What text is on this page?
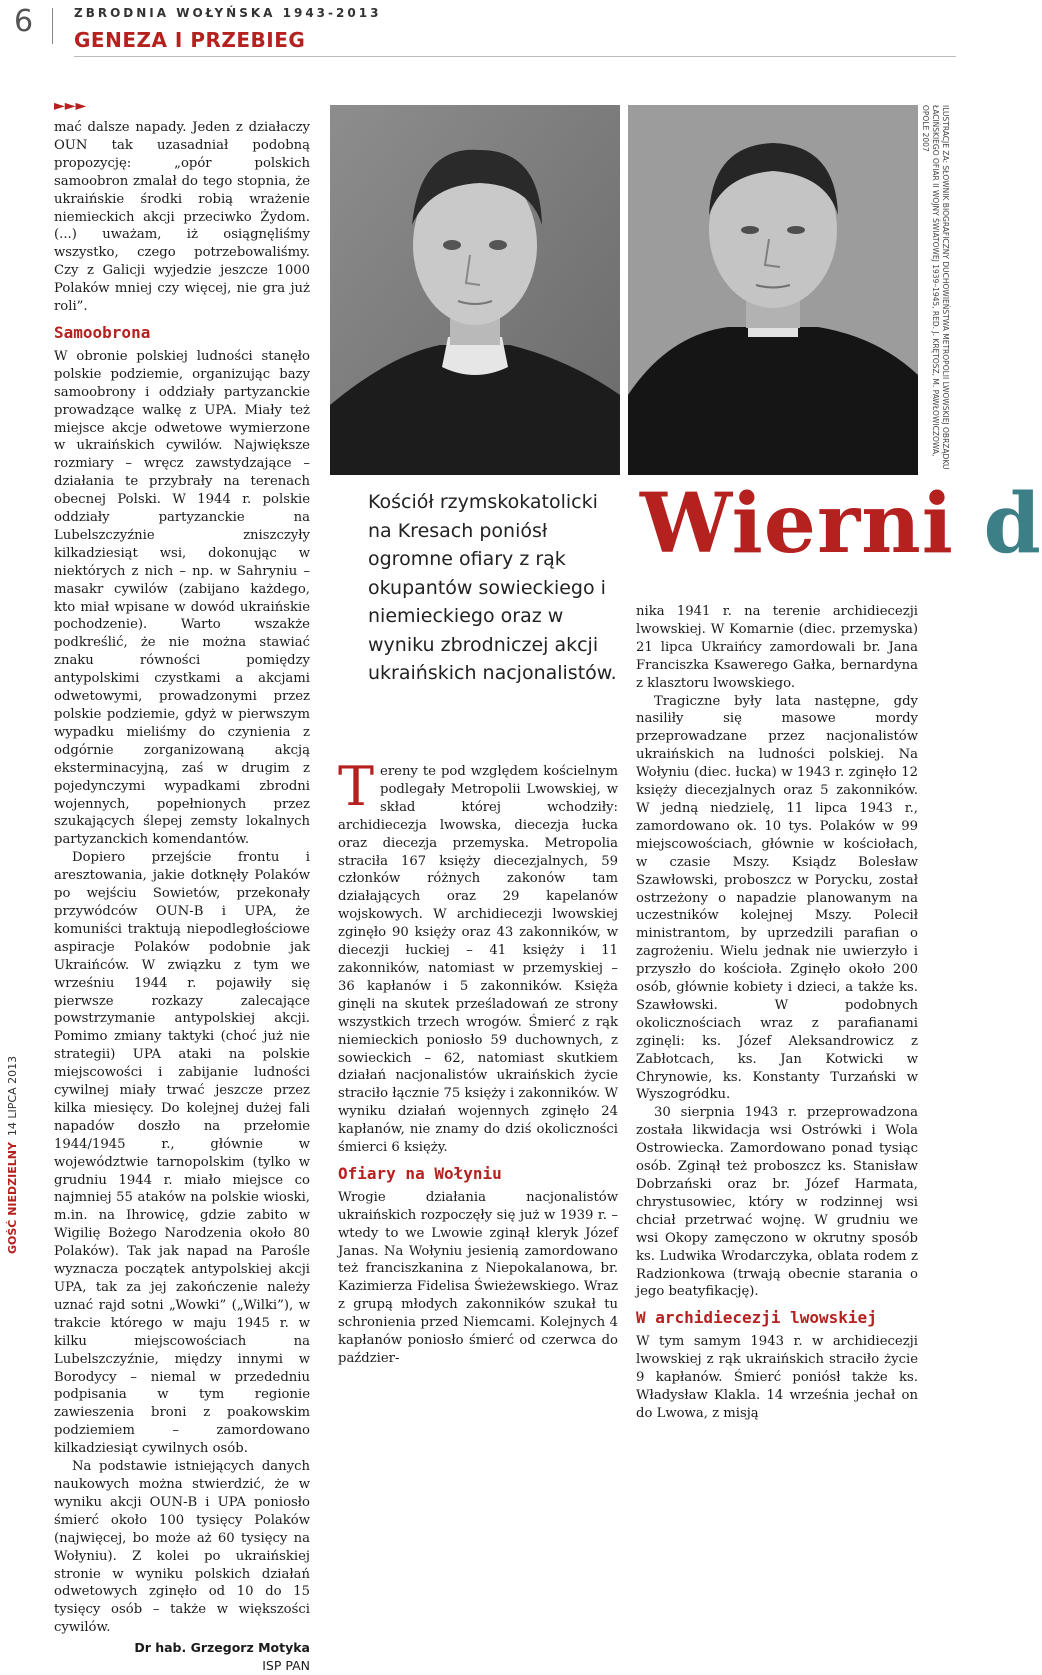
6	ZBRODNIA WOŁYŃSKA 1943-2013
GENEZA I PRZEBIEG
GOŚĆ NIEDZIELNY14 LIPCA 2013
►►►

mać dalsze napady. Jeden z działaczy OUN tak uzasadniał podobną propozycję: „opór polskich samoobron zmalał do tego stopnia, że ukraińskie środki robią wrażenie niemieckich akcji przeciwko Żydom. (...) uważam, iż osiągnęliśmy wszystko, czego potrzebowaliśmy. Czy z Galicji wyjedzie jeszcze 1000 Polaków mniej czy więcej, nie gra już roli”.

Samoobrona

W obronie polskiej ludności stanęło polskie podziemie, organizując bazy samoobrony i oddziały partyzanckie prowadzące walkę z UPA. Miały też miejsce akcje odwetowe wymierzone w ukraińskich cywilów. Największe rozmiary – wręcz zawstydzające – działania te przybrały na terenach obecnej Polski. W 1944 r. polskie oddziały partyzanckie na Lubelszczyźnie zniszczyły kilkadziesiąt wsi, dokonując w niektórych z nich – np. w Sahryniu – masakr cywilów (zabijano każdego, kto miał wpisane w dowód ukraińskie pochodzenie). Warto wszakże podkreślić, że nie można stawiać znaku równości pomiędzy antypolskimi czystkami a akcjami odwetowymi, prowadzonymi przez polskie podziemie, gdyż w pierwszym wypadku mieliśmy do czynienia z odgórnie zorganizowaną akcją eksterminacyjną, zaś w drugim z pojedynczymi wypadkami zbrodni wojennych, popełnionych przez szukających ślepej zemsty lokalnych partyzanckich komendantów.

Dopiero przejście frontu i aresztowania, jakie dotknęły Polaków po wejściu Sowietów, przekonały przywódców OUN-B i UPA, że komuniści traktują niepodległościowe aspiracje Polaków podobnie jak Ukraińców. W związku z tym we wrześniu 1944 r. pojawiły się pierwsze rozkazy zalecające powstrzymanie antypolskiej akcji. Pomimo zmiany taktyki (choć już nie strategii) UPA ataki na polskie miejscowości i zabijanie ludności cywilnej miały trwać jeszcze przez kilka miesięcy. Do kolejnej dużej fali napadów doszło na przełomie 1944/1945 r., głównie w województwie tarnopolskim (tylko w grudniu 1944 r. miało miejsce co najmniej 55 ataków na polskie wioski, m.in. na Ihrowicę, gdzie zabito w Wigilię Bożego Narodzenia około 80 Polaków). Tak jak napad na Parośle wyznacza początek antypolskiej akcji UPA, tak za jej zakończenie należy uznać rajd sotni „Wowki” („Wilki”), w trakcie którego w maju 1945 r. w kilku miejscowościach na Lubelszczyźnie, między innymi w Borodycy – niemal w przededniu podpisania w tym regionie zawieszenia broni z poakowskim podziemiem – zamordowano kilkadziesiąt cywilnych osób.

Na podstawie istniejących danych naukowych można stwierdzić, że w wyniku akcji OUN-B i UPA poniosło śmierć około 100 tysięcy Polaków (najwięcej, bo może aż 60 tysięcy na Wołyniu). Z kolei po ukraińskiej stronie w wyniku polskich działań odwetowych zginęło od 10 do 15 tysięcy osób – także w większości cywilów.

Dr hab. Grzegorz Motyka
ISP PAN
ILUSTRACJE ZA: SŁOWNIK BIOGRAFICZNY DUCHOWIEŃSTWA METROPOLII LWOWSKIEJ OBRZĄDKU ŁACIŃSKIEGO OFIAR II WOJNY ŚWIATOWEJ 1939–1945, RED. J. KRĘTOSZ, M. PAWŁOWICZOWA, OPOLE 2007
Kościół rzymskokatolicki na Kresach poniósł ogromne ofiary z rąk okupantów sowieckiego i niemieckiego oraz w wyniku zbrodniczej akcji ukraińskich nacjonalistów.
Wierni d

Tereny te pod względem kościelnym podlegały Metropolii Lwowskiej, w skład której wchodziły: archidiecezja lwowska, diecezja łucka oraz diecezja przemyska. Metropolia straciła 167 księży diecezjalnych, 59 członków różnych zakonów tam działających oraz 29 kapelanów wojskowych. W archidiecezji lwowskiej zginęło 90 księży oraz 43 zakonników, w diecezji łuckiej – 41 księży i 11 zakonników, natomiast w przemyskiej – 36 kapłanów i 5 zakonników. Księża ginęli na skutek prześladowań ze strony wszystkich trzech wrogów. Śmierć z rąk niemieckich poniosło 59 duchownych, z sowieckich – 62, natomiast skutkiem działań nacjonalistów ukraińskich życie straciło łącznie 75 księży i zakonników. W wyniku działań wojennych zginęło 24 kapłanów, nie znamy do dziś okoliczności śmierci 6 księży.

Ofiary na Wołyniu

Wrogie działania nacjonalistów ukraińskich rozpoczęły się już w 1939 r. – wtedy to we Lwowie zginął kleryk Józef Janas. Na Wołyniu jesienią zamordowano też franciszkanina z Niepokalanowa, br. Kazimierza Fidelisa Świeżewskiego. Wraz z grupą młodych zakonników szukał tu schronienia przed Niemcami. Kolejnych 4 kapłanów poniosło śmierć od czerwca do paździer-

nika 1941 r. na terenie archidiecezji lwowskiej. W Komarnie (diec. przemyska) 21 lipca Ukraińcy zamordowali br. Jana Franciszka Ksawerego Gałka, bernardyna z klasztoru lwowskiego.

Tragiczne były lata następne, gdy nasiliły się masowe mordy przeprowadzane przez nacjonalistów ukraińskich na ludności polskiej. Na Wołyniu (diec. łucka) w 1943 r. zginęło 12 księży diecezjalnych oraz 5 zakonników. W jedną niedzielę, 11 lipca 1943 r., zamordowano ok. 10 tys. Polaków w 99 miejscowościach, głównie w kościołach, w czasie Mszy. Ksiądz Bolesław Szawłowski, proboszcz w Porycku, został ostrzeżony o napadzie planowanym na uczestników kolejnej Mszy. Polecił ministrantom, by uprzedzili parafian o zagrożeniu. Wielu jednak nie uwierzyło i przyszło do kościoła. Zginęło około 200 osób, głównie kobiety i dzieci, a także ks. Szawłowski. W podobnych okolicznościach wraz z parafianami zginęli: ks. Józef Aleksandrowicz z Zabłotcach, ks. Jan Kotwicki w Chrynowie, ks. Konstanty Turzański w Wyszogródku.

30 sierpnia 1943 r. przeprowadzona została likwidacja wsi Ostrówki i Wola Ostrowiecka. Zamordowano ponad tysiąc osób. Zginął też proboszcz ks. Stanisław Dobrzański oraz br. Józef Harmata, chrystusowiec, który w rodzinnej wsi chciał przetrwać wojnę. W grudniu we wsi Okopy zamęczono w okrutny sposób ks. Ludwika Wrodarczyka, oblata rodem z Radzionkowa (trwają obecnie starania o jego beatyfikację).

W archidiecezji lwowskiej

W tym samym 1943 r. w archidiecezji lwowskiej z rąk ukraińskich straciło życie 9 kapłanów. Śmierć poniósł także ks. Władysław Klakla. 14 września jechał on do Lwowa, z misją
